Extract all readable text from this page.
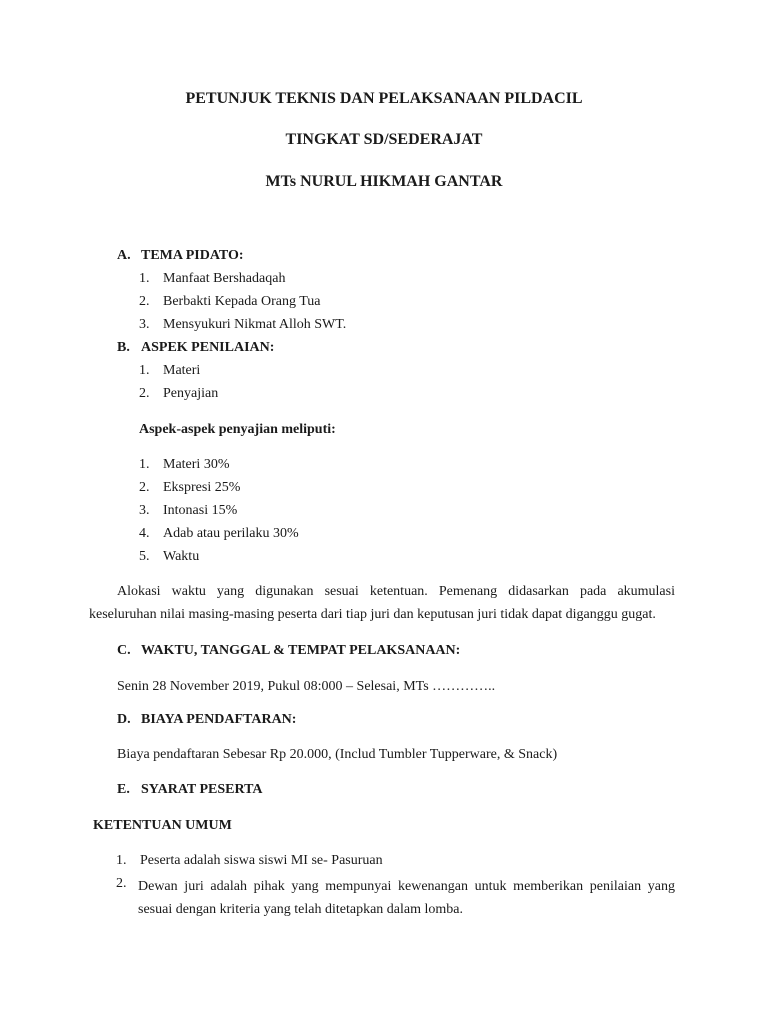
PETUNJUK TEKNIS DAN PELAKSANAAN PILDACIL
TINGKAT SD/SEDERAJAT
MTs NURUL HIKMAH GANTAR
A. TEMA PIDATO:
1. Manfaat Bershadaqah
2. Berbakti Kepada Orang Tua
3. Mensyukuri Nikmat Alloh SWT.
B. ASPEK PENILAIAN:
1. Materi
2. Penyajian
Aspek-aspek penyajian meliputi:
1. Materi 30%
2. Ekspresi 25%
3. Intonasi 15%
4. Adab atau perilaku 30%
5. Waktu
Alokasi waktu yang digunakan sesuai ketentuan. Pemenang didasarkan pada akumulasi keseluruhan nilai masing-masing peserta dari tiap juri dan keputusan juri tidak dapat diganggu gugat.
C. WAKTU, TANGGAL & TEMPAT PELAKSANAAN:
Senin 28 November 2019, Pukul 08:000 – Selesai, MTs …………..
D. BIAYA PENDAFTARAN:
Biaya pendaftaran Sebesar Rp 20.000, (Includ Tumbler Tupperware, & Snack)
E. SYARAT PESERTA
KETENTUAN UMUM
1. Peserta adalah siswa siswi MI se- Pasuruan
2. Dewan juri adalah pihak yang mempunyai kewenangan untuk memberikan penilaian yang sesuai dengan kriteria yang telah ditetapkan dalam lomba.
